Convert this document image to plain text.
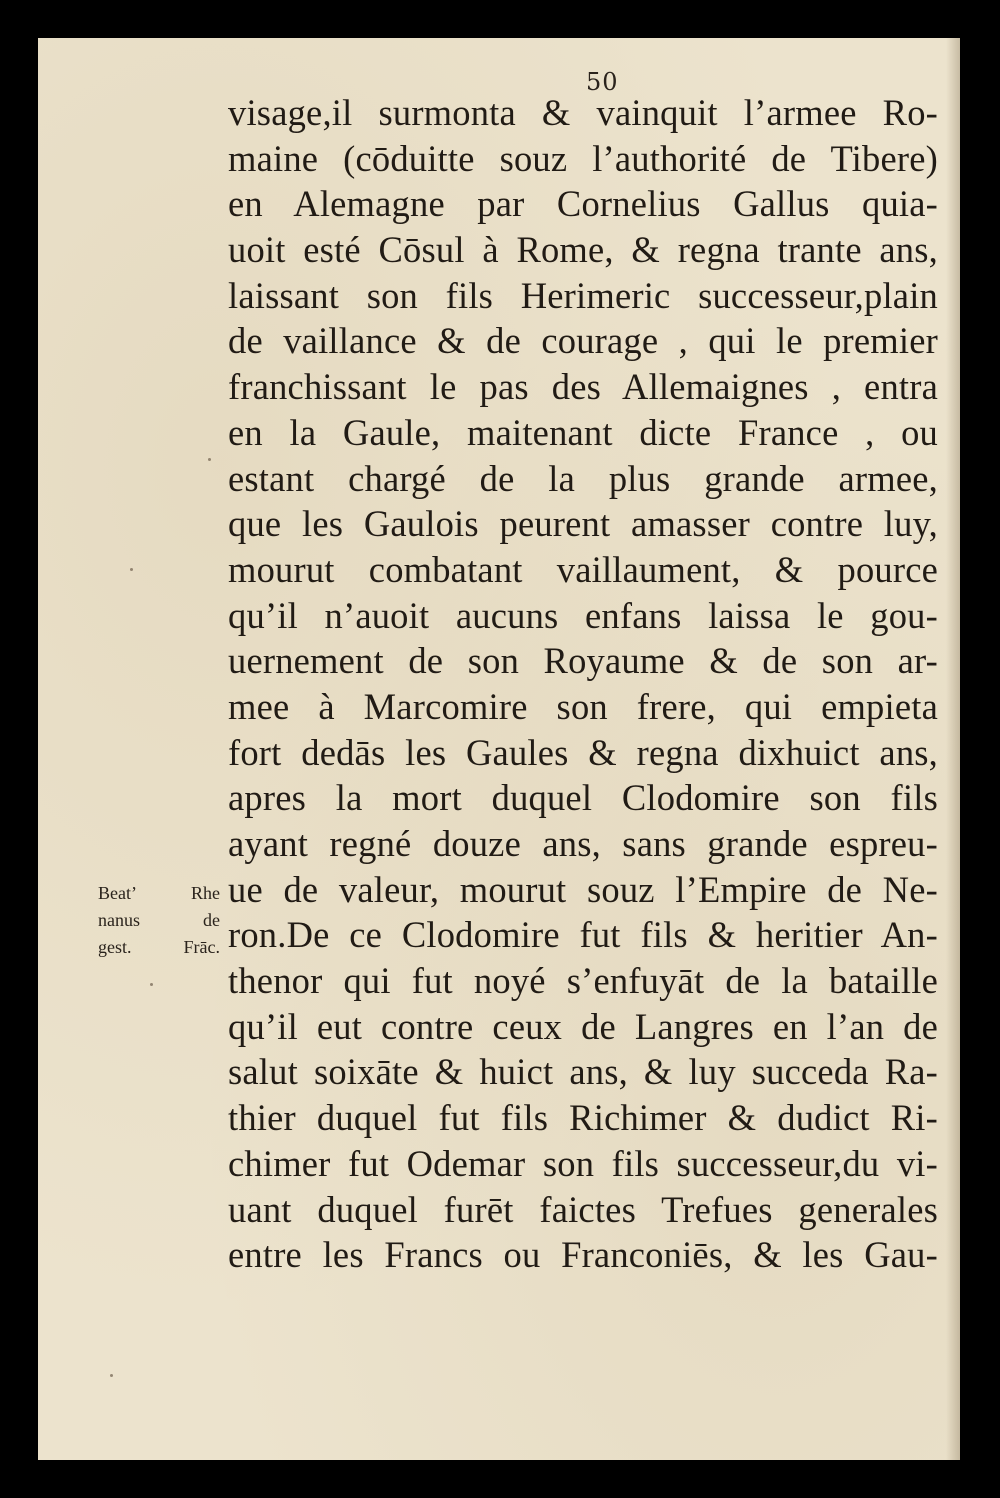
50
visage,il surmonta & vainquit l’armee Ro-
maine (cōduitte souz l’authorité de Tibere)
en Alemagne par Cornelius Gallus quia-
uoit esté Cōsul à Rome, & regna trante ans,
laissant son fils Herimeric successeur,plain
de vaillance & de courage , qui le premier
franchissant le pas des Allemaignes , entra
en la Gaule, maitenant dicte France , ou
estant chargé de la plus grande armee,
que les Gaulois peurent amasser contre luy,
mourut combatant vaillaument, & pource
qu’il n’auoit aucuns enfans laissa le gou-
uernement de son Royaume & de son ar-
mee à Marcomire son frere, qui empieta
fort dedās les Gaules & regna dixhuict ans,
apres la mort duquel Clodomire son fils
ayant regné douze ans, sans grande espreu-
ue de valeur, mourut souz l’Empire de Ne-
ron.De ce Clodomire fut fils & heritier An-
thenor qui fut noyé s’enfuyāt de la bataille
qu’il eut contre ceux de Langres en l’an de
salut soixāte & huict ans, & luy succeda Ra-
thier duquel fut fils Richimer & dudict Ri-
chimer fut Odemar son fils successeur,du vi-
uant duquel furēt faictes Trefues generales
entre les Francs ou Franconiēs, & les Gau-
Beat’ Rhe
nanus de
gest. Frāc.
